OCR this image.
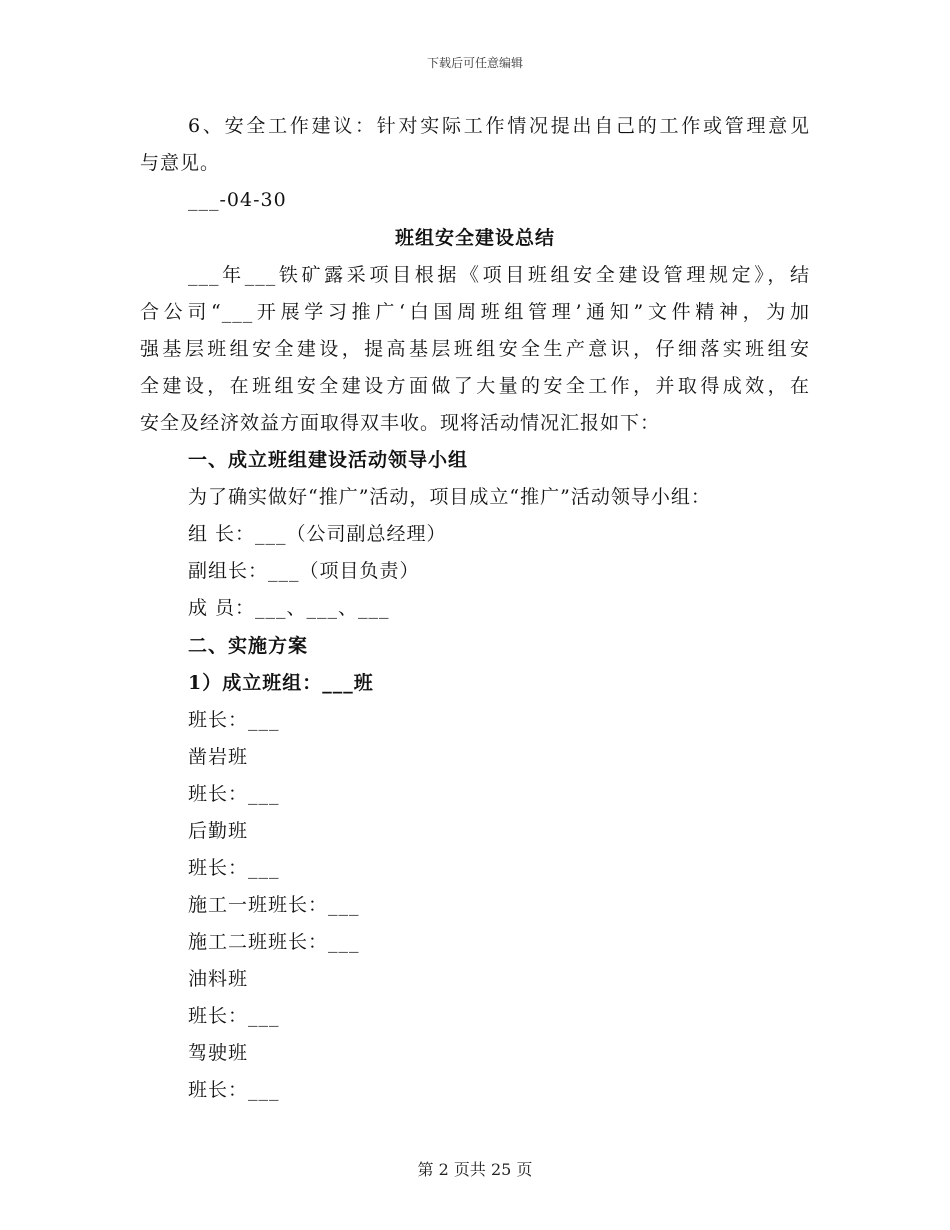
下载后可任意编辑
6、安全工作建议：针对实际工作情况提出自己的工作或管理意见
与意见。
___-04-30
班组安全建设总结
___年___铁矿露采项目根据《项目班组安全建设管理规定》，结
合公司“___开展学习推广‘白国周班组管理’通知”文件精神，为加
强基层班组安全建设，提高基层班组安全生产意识，仔细落实班组安
全建设，在班组安全建设方面做了大量的安全工作，并取得成效，在
安全及经济效益方面取得双丰收。现将活动情况汇报如下：
一、成立班组建设活动领导小组
为了确实做好“推广”活动，项目成立“推广”活动领导小组：
组 长：___（公司副总经理）
副组长：___（项目负责）
成 员：___、___、___
二、实施方案
1）成立班组：___班
班长：___
凿岩班
班长：___
后勤班
班长：___
施工一班班长：___
施工二班班长：___
油料班
班长：___
驾驶班
班长：___
第 2 页共 25 页
